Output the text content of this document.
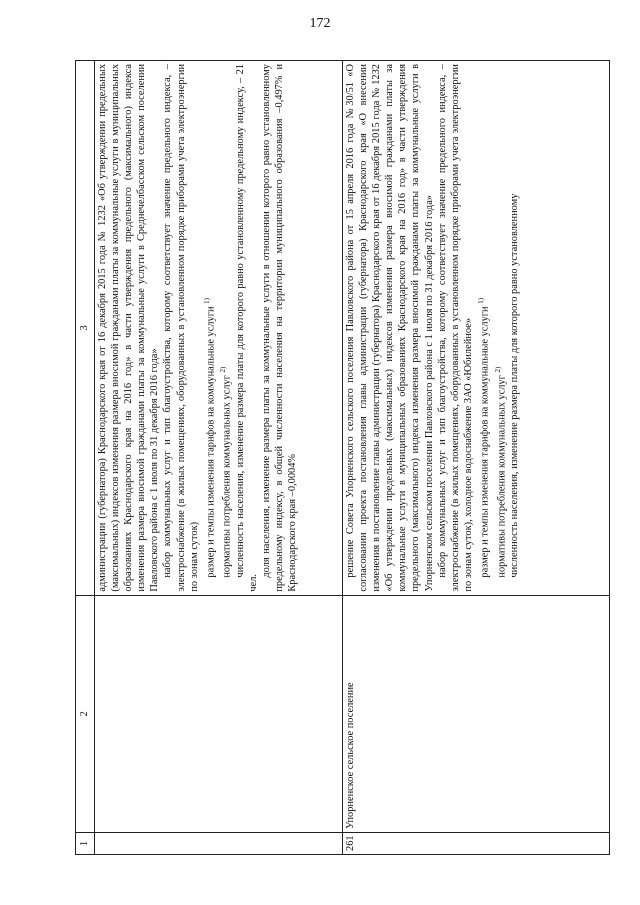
172
1
2
3 администрации (губернатора) Краснодарского края от 16 декабря 2015 года № 1232 «Об утверждении предельных (максимальных) индексов изменения размера вносимой гражданами платы за коммунальные услуги в муниципальных образованиях Краснодарского края на 2016 год» в части утверждения предельного (максимального) индекса изменения размера вносимой гражданами платы за коммунальные услуги в Среднечелбасском сельском поселении Павловского района с 1 июля по 31 декабря 2016 года» набор коммунальных услуг и тип благоустройства, которому соответствует значение предельного индекса, – электроснабжение (в жилых помещениях, оборудованных в установленном порядке приборами учета электроэнергии по зонам суток) размер и темпы изменения тарифов на коммунальные услуги $^{1)}$

нормативы потребления коммунальных услуг $^{2)}$ численность населения, изменение размера платы для которого равно установленному предельному индексу, – 21 чел.

доля населения, изменение размера платы за коммунальные услуги в отношении которого равно установленному предельному индексу, в общей численности населения на территории муниципального образования –0,497% и Краснодарского края –0,0004%

261
Упорненское сельское поселение

решение Совета Упорненского сельского поселения Павловского района от 15 апреля 2016 года №30/51 «О согласовании проекта постановления главы администрации (губернатора) Краснодарского края «О внесении изменения в постановление главы администрации (губернатора) Краснодарского края от 16 декабря 2015 года № 1232 «Об утверждении предельных (максимальных) индексов изменения размера вносимой гражданами платы за коммунальные услуги в муниципальных образованиях Краснодарского края на 2016 год» в части утверждения предельного (максимального) индекса изменения размера вносимой гражданами платы за коммунальные услуги в Упорненском сельском поселении Павловского района с 1 июля по 31 декабря 2016 года» набор коммунальных услуг и тип благоустройства, которому соответствует значение предельного индекса, – электроснабжение (в жилых помещениях, оборудованных в установленном порядке приборами учета электроэнергии по зонам суток), холодное водоснабжение ЗАО «Юбилейное» размер и темпы изменения тарифов на коммунальные услуги $^{1)}$

нормативы потребления коммунальных услуг $^{2)}$ численность населения, изменение размера платы для которого равно установленному
